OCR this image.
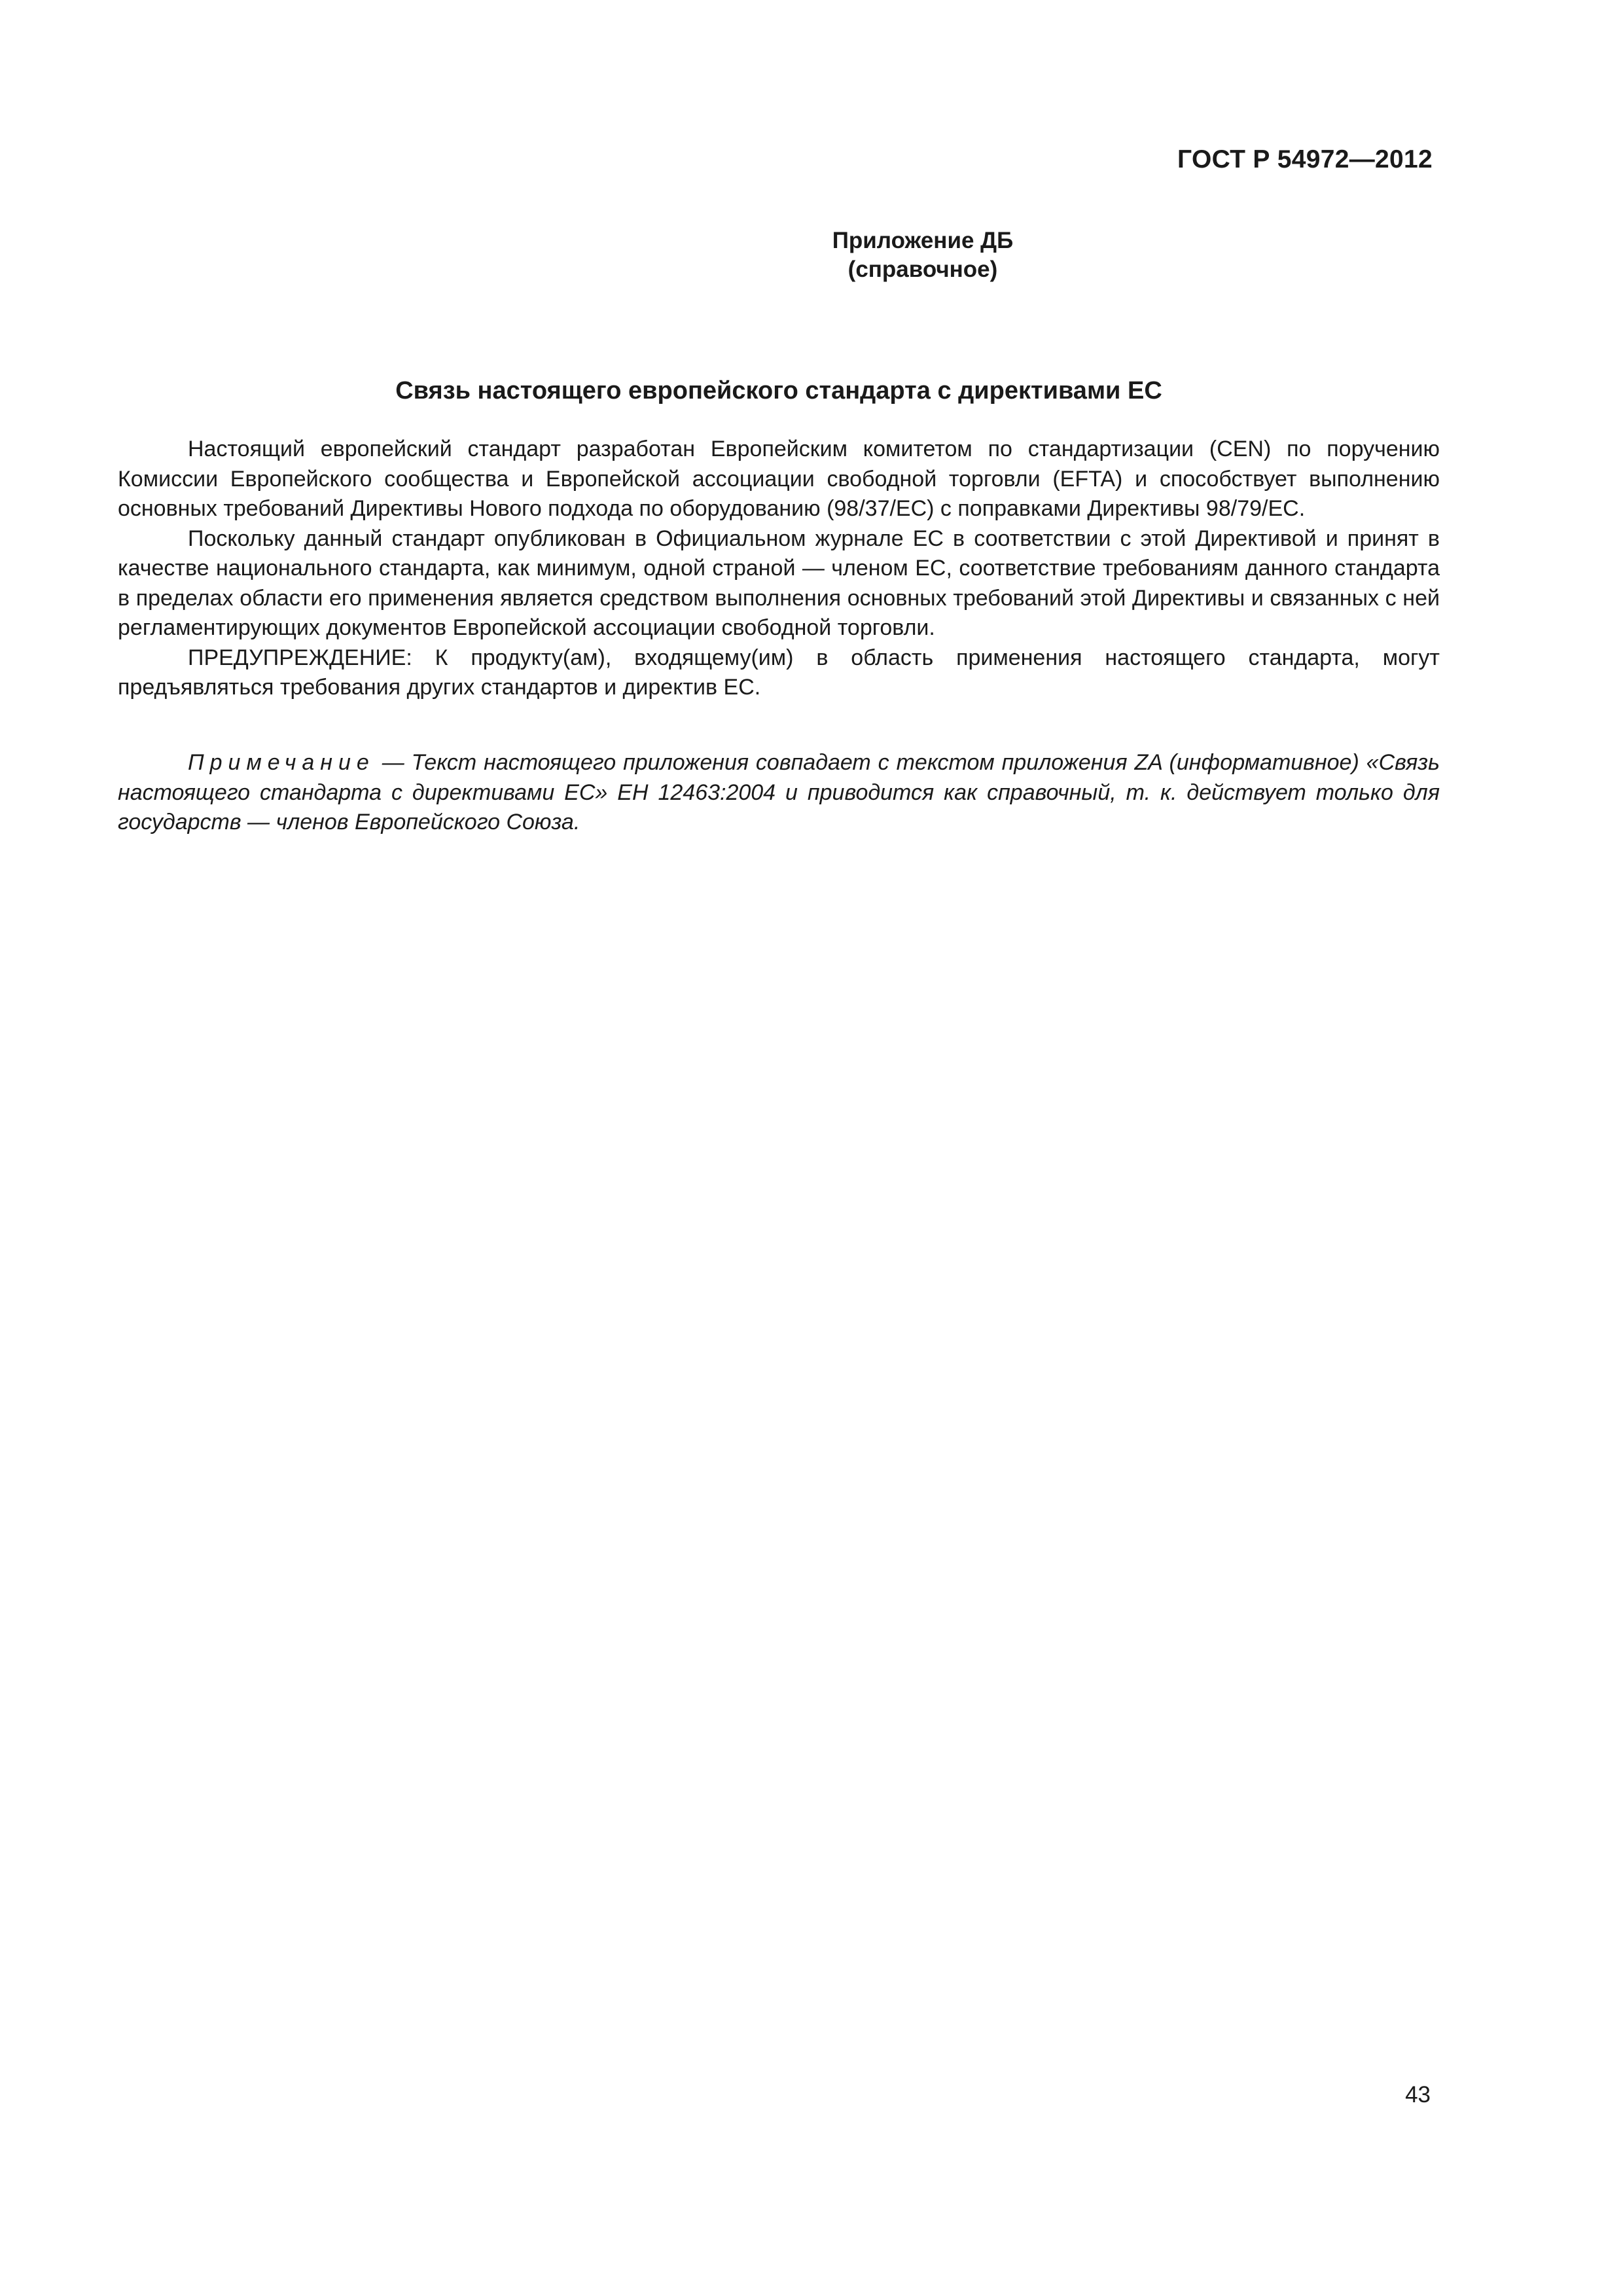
ГОСТ Р 54972—2012
Приложение ДБ
(справочное)
Связь настоящего европейского стандарта с директивами ЕС

Настоящий европейский стандарт разработан Европейским комитетом по стандартизации (CEN) по поручению Комиссии Европейского сообщества и Европейской ассоциации свободной торговли (EFTA) и способствует выполнению основных требований Директивы Нового подхода по оборудованию (98/37/ЕС) с поправками Директивы 98/79/ЕС.

Поскольку данный стандарт опубликован в Официальном журнале ЕС в соответствии с этой Директивой и принят в качестве национального стандарта, как минимум, одной страной — членом ЕС, соответствие требованиям данного стандарта в пределах области его применения является средством выполнения основных требований этой Директивы и связанных с ней регламентирующих документов Европейской ассоциации свободной торговли.

ПРЕДУПРЕЖДЕНИЕ: К продукту(ам), входящему(им) в область применения настоящего стандарта, могут предъявляться требования других стандартов и директив ЕС.

Примечание — Текст настоящего приложения совпадает с текстом приложения ZA (информативное) «Связь настоящего стандарта с директивами ЕС» ЕН 12463:2004 и приводится как справочный, т. к. действует только для государств — членов Европейского Союза.

43
